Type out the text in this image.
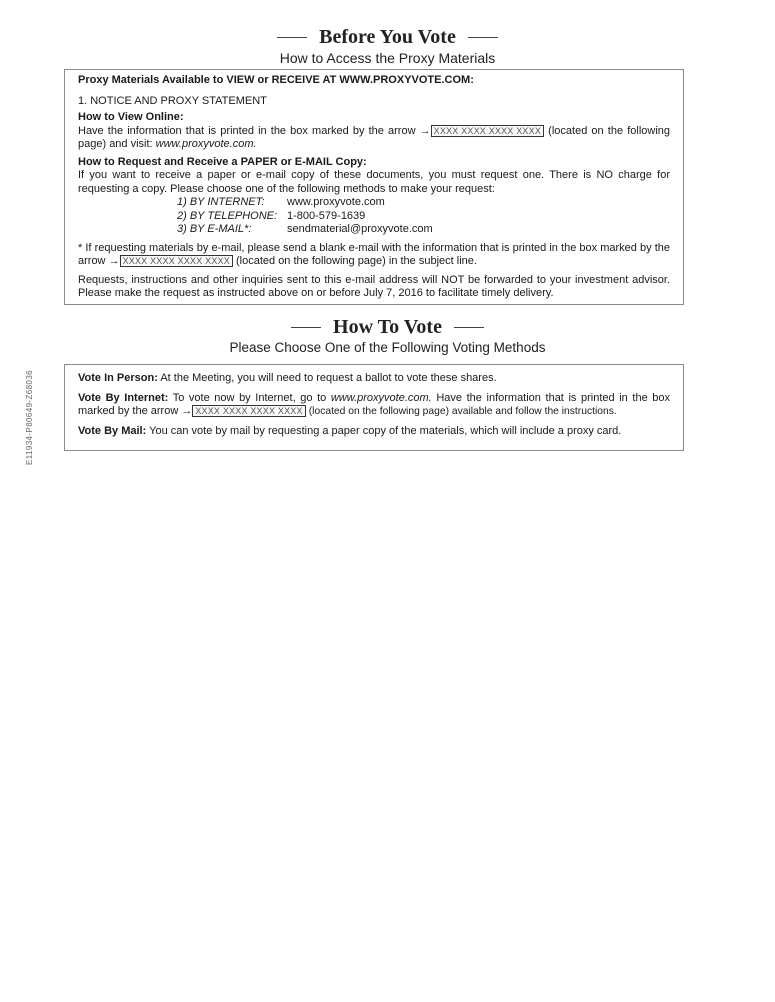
Before You Vote
How to Access the Proxy Materials

Proxy Materials Available to VIEW or RECEIVE AT WWW.PROXYVOTE.COM:

1. NOTICE AND PROXY STATEMENT

How to View Online:

Have the information that is printed in the box marked by the arrow → XXXX XXXX XXXX XXXX (located on the following page) and visit: www.proxyvote.com.

How to Request and Receive a PAPER or E-MAIL Copy:

If you want to receive a paper or e-mail copy of these documents, you must request one. There is NO charge for requesting a copy. Please choose one of the following methods to make your request:

1) BY INTERNET:	www.proxyvote.com
2) BY TELEPHONE: 1-800-579-1639
3) BY E-MAIL*:	sendmaterial@proxyvote.com

* If requesting materials by e-mail, please send a blank e-mail with the information that is printed in the box marked by the arrow → XXXX XXXX XXXX XXXX (located on the following page) in the subject line.

Requests, instructions and other inquiries sent to this e-mail address will NOT be forwarded to your investment advisor. Please make the request as instructed above on or before July 7, 2016 to facilitate timely delivery.

How To Vote
Please Choose One of the Following Voting Methods

Vote In Person: At the Meeting, you will need to request a ballot to vote these shares.

Vote By Internet: To vote now by Internet, go to www.proxyvote.com. Have the information that is printed in the box marked by the arrow → XXXX XXXX XXXX XXXX (located on the following page) available and follow the instructions.

Vote By Mail: You can vote by mail by requesting a paper copy of the materials, which will include a proxy card.

E11934-P80649-Z68036
